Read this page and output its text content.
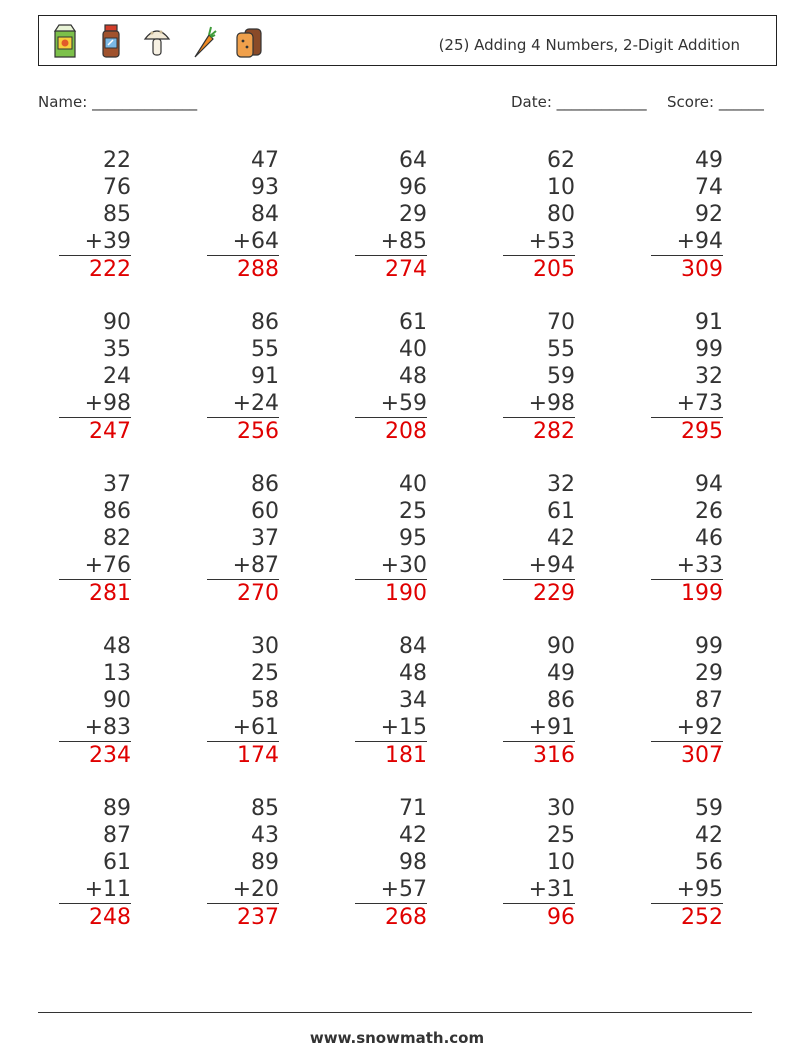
(25) Adding 4 Numbers, 2-Digit Addition
Name: ______________	Date: ____________ Score: ______
22
76
85
+39
222
47
93
84
+64
288
64
96
29
+85
274
62
10
80
+53
205
49
74
92
+94
309
90
35
24
+98
247
86
55
91
+24
256
61
40
48
+59
208
70
55
59
+98
282
91
99
32
+73
295
37
86
82
+76
281
86
60
37
+87
270
40
25
95
+30
190
32
61
42
+94
229
94
26
46
+33
199
48
13
90
+83
234
30
25
58
+61
174
84
48
34
+15
181
90
49
86
+91
316
99
29
87
+92
307
89
87
61
+11
248
85
43
89
+20
237
71
42
98
+57
268
30
25
10
+31
96
59
42
56
+95
252
www.snowmath.com
